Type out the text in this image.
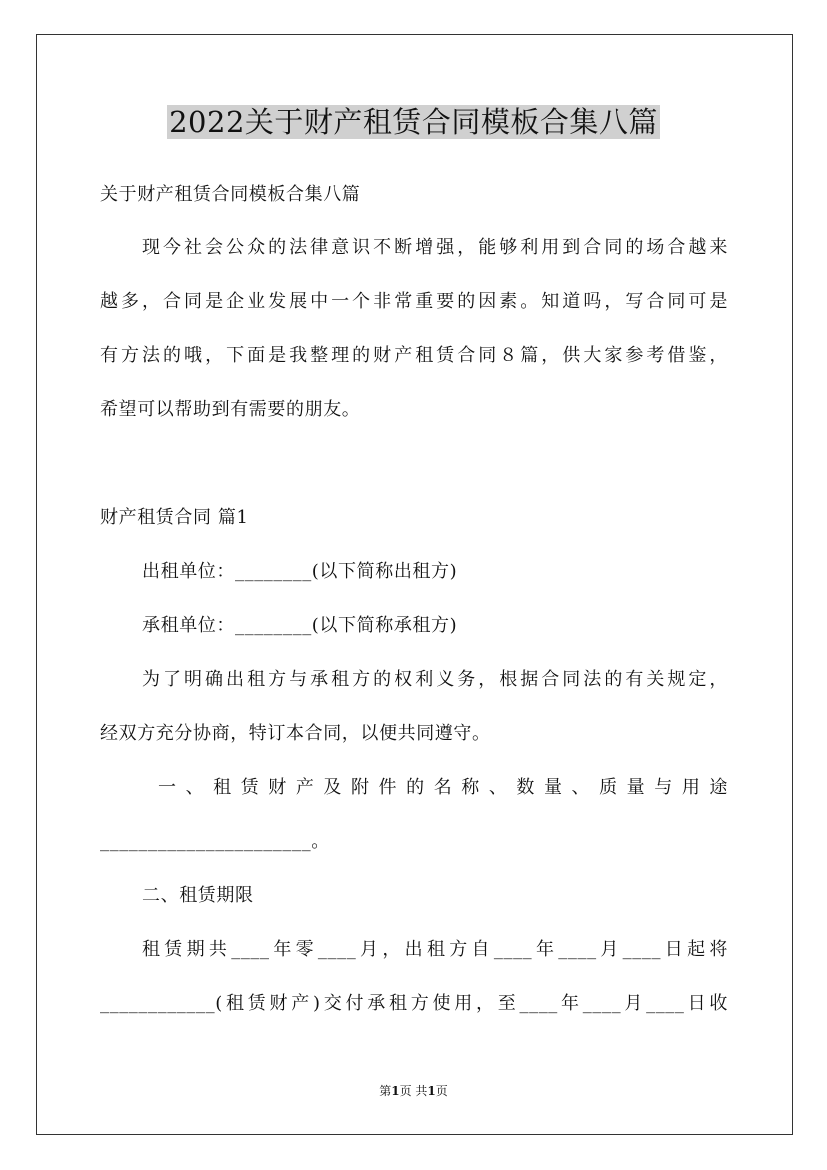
2022关于财产租赁合同模板合集八篇
关于财产租赁合同模板合集八篇
现今社会公众的法律意识不断增强，能够利用到合同的场合越来
越多，合同是企业发展中一个非常重要的因素。知道吗，写合同可是
有方法的哦，下面是我整理的财产租赁合同８篇，供大家参考借鉴，
希望可以帮助到有需要的朋友。
财产租赁合同 篇1
出租单位：________(以下简称出租方)
承租单位：________(以下简称承租方)
为了明确出租方与承租方的权利义务，根据合同法的有关规定，
经双方充分协商，特订本合同，以便共同遵守。
一、租赁财产及附件的名称、数量、质量与用途
______________________。
二、租赁期限
租赁期共____年零____月，出租方自____年____月____日起将
____________(租赁财产)交付承租方使用，至____年____月____日收
第1页 共1页
